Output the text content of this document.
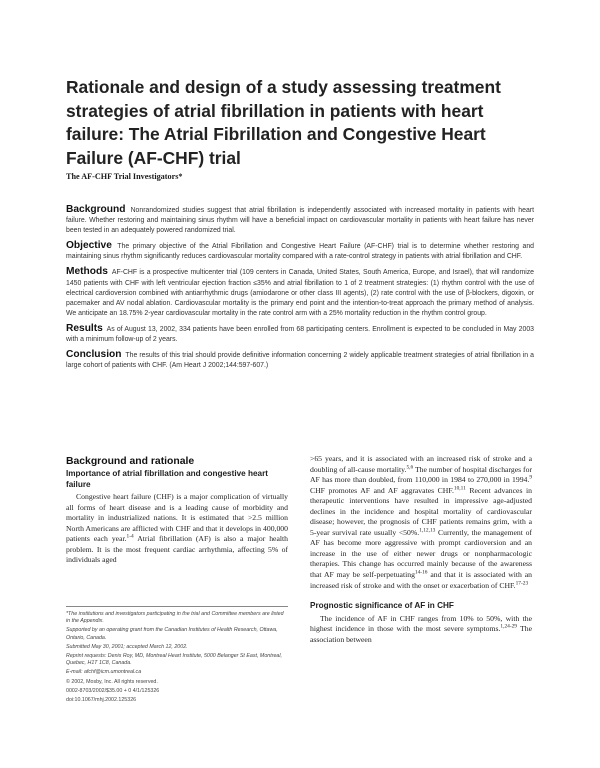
Rationale and design of a study assessing treatment strategies of atrial fibrillation in patients with heart failure: The Atrial Fibrillation and Congestive Heart Failure (AF-CHF) trial

The AF-CHF Trial Investigators*

Background Nonrandomized studies suggest that atrial fibrillation is independently associated with increased mortality in patients with heart failure. Whether restoring and maintaining sinus rhythm will have a beneficial impact on cardiovascular mortality in patients with heart failure has never been tested in an adequately powered randomized trial.

Objective The primary objective of the Atrial Fibrillation and Congestive Heart Failure (AF-CHF) trial is to determine whether restoring and maintaining sinus rhythm significantly reduces cardiovascular mortality compared with a rate-control strategy in patients with atrial fibrillation and CHF.

Methods AF-CHF is a prospective multicenter trial (109 centers in Canada, United States, South America, Europe, and Israel), that will randomize 1450 patients with CHF with left ventricular ejection fraction ≤35% and atrial fibrillation to 1 of 2 treatment strategies: (1) rhythm control with the use of electrical cardioversion combined with antiarrhythmic drugs (amiodarone or other class III agents), (2) rate control with the use of β-blockers, digoxin, or pacemaker and AV nodal ablation. Cardiovascular mortality is the primary end point and the intention-to-treat approach the primary method of analysis. We anticipate an 18.75% 2-year cardiovascular mortality in the rate control arm with a 25% mortality reduction in the rhythm control group.

Results As of August 13, 2002, 334 patients have been enrolled from 68 participating centers. Enrollment is expected to be concluded in May 2003 with a minimum follow-up of 2 years.

Conclusion The results of this trial should provide definitive information concerning 2 widely applicable treatment strategies of atrial fibrillation in a large cohort of patients with CHF. (Am Heart J 2002;144:597-607.)

Background and rationale
Importance of atrial fibrillation and congestive heart failure

Congestive heart failure (CHF) is a major complication of virtually all forms of heart disease and is a leading cause of morbidity and mortality in industrialized nations. It is estimated that >2.5 million North Americans are afflicted with CHF and that it develops in 400,000 patients each year.$^{1-4}$ Atrial fibrillation (AF) is also a major health problem. It is the most frequent cardiac arrhythmia, affecting 5% of individuals aged

*The institutions and investigators participating in the trial and Committee members are listed in the Appendix.

Supported by an operating grant from the Canadian Institutes of Health Research, Ottawa, Ontario, Canada.

Submitted May 30, 2001; accepted March 12, 2002.

Reprint requests: Denis Roy, MD, Montreal Heart Institute, 5000 Belanger St East, Montreal, Quebec, H1T 1C8, Canada.

E-mail: afchf@icm.umontreal.ca

© 2002, Mosby, Inc. All rights reserved.

0002-8703/2002/$35.00 + 0 4/1/125326

doi:10.1067/mhj.2002.125326

>65 years, and it is associated with an increased risk of stroke and a doubling of all-cause mortality.$^{5,6}$ The number of hospital discharges for AF has more than doubled, from 110,000 in 1984 to 270,000 in 1994.$^9$ CHF promotes AF and AF aggravates CHF.$^{10,11}$ Recent advances in therapeutic interventions have resulted in impressive age-adjusted declines in the incidence and hospital mortality of cardiovascular disease; however, the prognosis of CHF patients remains grim, with a 5-year survival rate usually <50%.$^{1,12,13}$ Currently, the management of AF has become more aggressive with prompt cardioversion and an increase in the use of either newer drugs or nonpharmacologic therapies. This change has occurred mainly because of the awareness that AF may be self-perpetuating$^{14-16}$ and that it is associated with an increased risk of stroke and with the onset or exacerbation of CHF.$^{17-23}$

Prognostic significance of AF in CHF

The incidence of AF in CHF ranges from 10% to 50%, with the highest incidence in those with the most severe symptoms.$^{1,24-29}$ The association between
